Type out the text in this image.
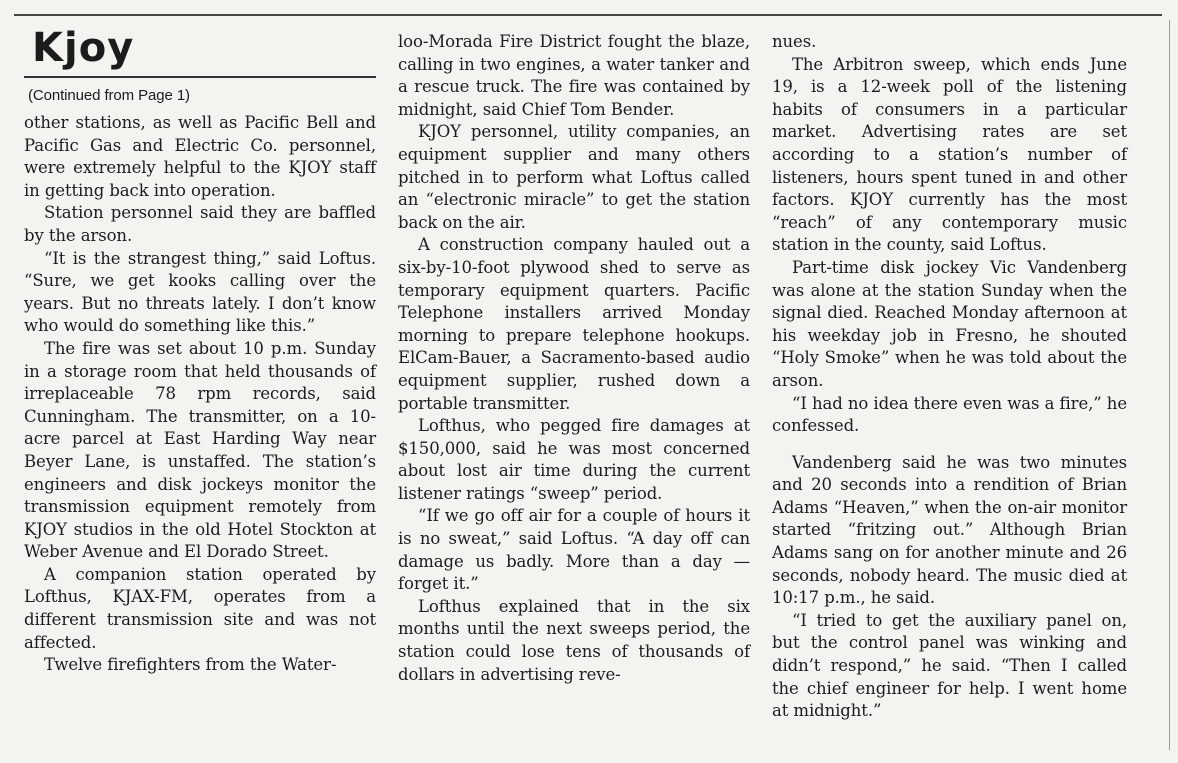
Kjoy
(Continued from Page 1)

other stations, as well as Pacific Bell and Pacific Gas and Electric Co. personnel, were extremely helpful to the KJOY staff in getting back into operation.

Station personnel said they are baffled by the arson.

“It is the strangest thing,” said Loftus. “Sure, we get kooks calling over the years. But no threats lately. I don’t know who would do something like this.”

The fire was set about 10 p.m. Sunday in a storage room that held thousands of irreplaceable 78 rpm records, said Cunningham. The transmitter, on a 10-acre parcel at East Harding Way near Beyer Lane, is unstaffed. The station’s engineers and disk jockeys monitor the transmission equipment remotely from KJOY studios in the old Hotel Stockton at Weber Avenue and El Dorado Street.

A companion station operated by Lofthus, KJAX-FM, operates from a different transmission site and was not affected.

Twelve firefighters from the Water-

loo-Morada Fire District fought the blaze, calling in two engines, a water tanker and a rescue truck. The fire was contained by midnight, said Chief Tom Bender.

KJOY personnel, utility companies, an equipment supplier and many others pitched in to perform what Loftus called an “electronic miracle” to get the station back on the air.

A construction company hauled out a six-by-10-foot plywood shed to serve as temporary equipment quarters. Pacific Telephone installers arrived Monday morning to prepare telephone hookups. ElCam-Bauer, a Sacramento-based audio equipment supplier, rushed down a portable transmitter.

Lofthus, who pegged fire damages at $150,000, said he was most concerned about lost air time during the current listener ratings “sweep” period.

“If we go off air for a couple of hours it is no sweat,” said Loftus. “A day off can damage us badly. More than a day — forget it.”

Lofthus explained that in the six months until the next sweeps period, the station could lose tens of thousands of dollars in advertising reve-

nues.

The Arbitron sweep, which ends June 19, is a 12-week poll of the listening habits of consumers in a particular market. Advertising rates are set according to a station’s number of listeners, hours spent tuned in and other factors. KJOY currently has the most “reach” of any contemporary music station in the county, said Loftus.

Part-time disk jockey Vic Vandenberg was alone at the station Sunday when the signal died. Reached Monday afternoon at his weekday job in Fresno, he shouted “Holy Smoke” when he was told about the arson.

“I had no idea there even was a fire,” he confessed.

Vandenberg said he was two minutes and 20 seconds into a rendition of Brian Adams “Heaven,” when the on-air monitor started “fritzing out.” Although Brian Adams sang on for another minute and 26 seconds, nobody heard. The music died at 10:17 p.m., he said.

“I tried to get the auxiliary panel on, but the control panel was winking and didn’t respond,” he said. “Then I called the chief engineer for help. I went home at midnight.”
